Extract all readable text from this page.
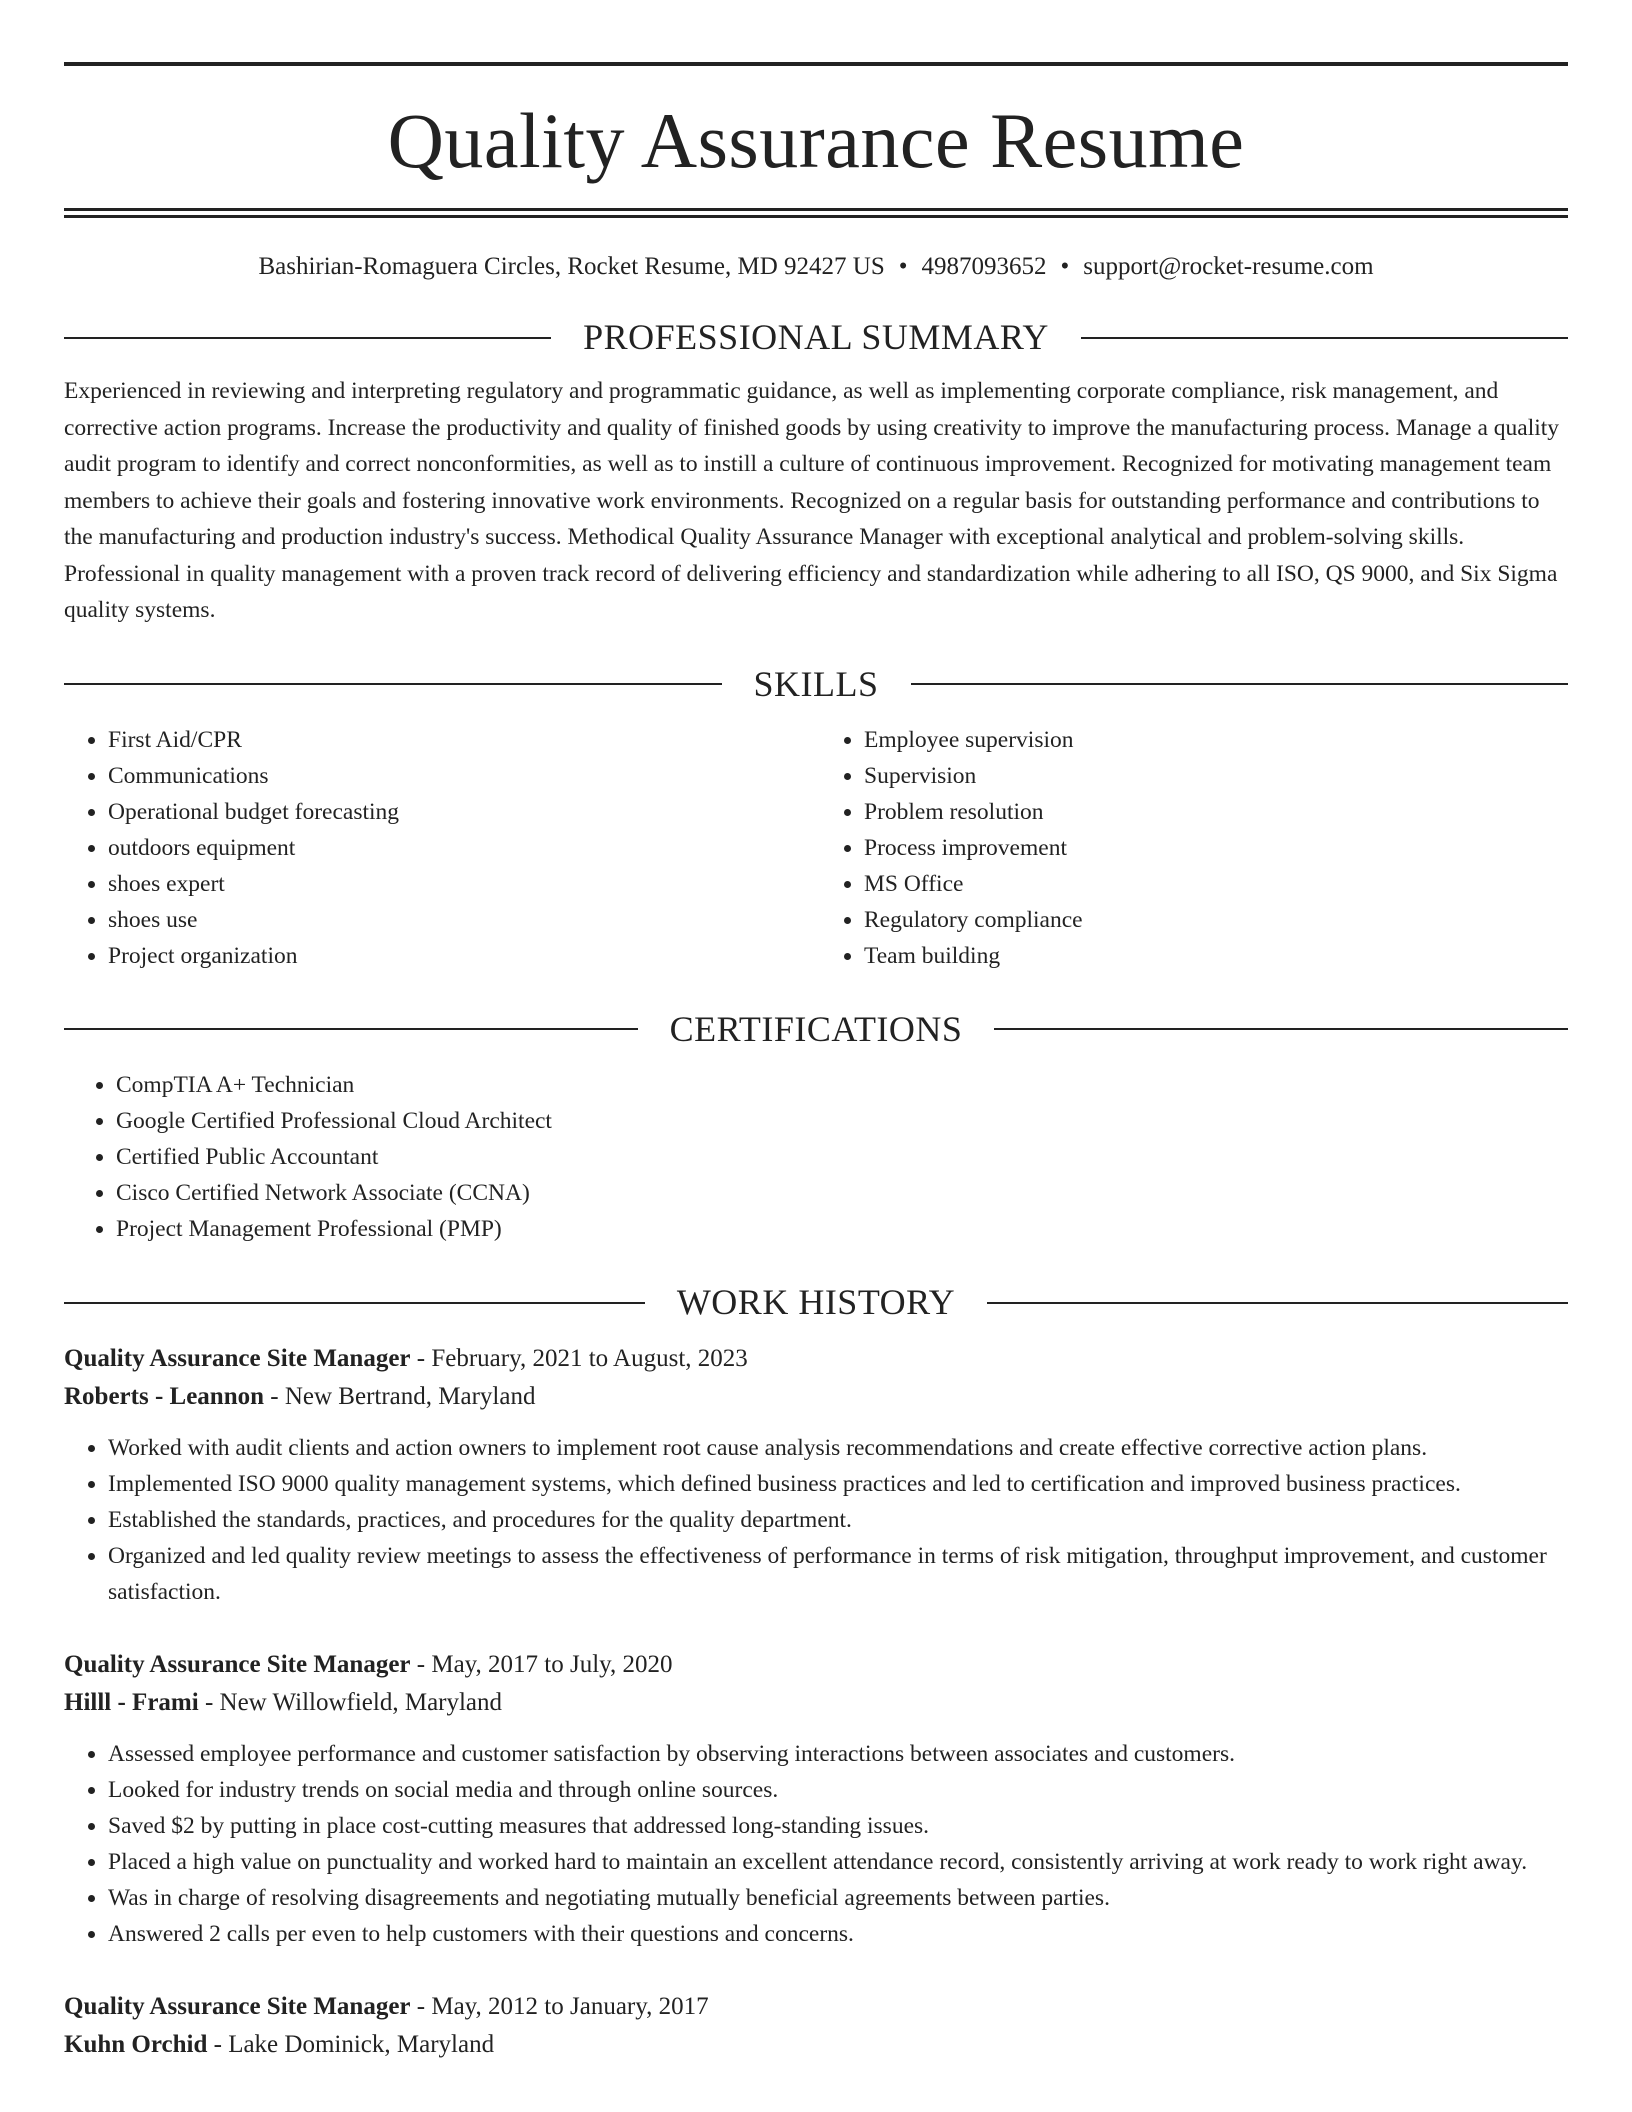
Quality Assurance Resume
Bashirian-Romaguera Circles, Rocket Resume, MD 92427 US • 4987093652 • support@rocket-resume.com
PROFESSIONAL SUMMARY

Experienced in reviewing and interpreting regulatory and programmatic guidance, as well as implementing corporate compliance, risk management, and corrective action programs. Increase the productivity and quality of finished goods by using creativity to improve the manufacturing process. Manage a quality audit program to identify and correct nonconformities, as well as to instill a culture of continuous improvement. Recognized for motivating management team members to achieve their goals and fostering innovative work environments. Recognized on a regular basis for outstanding performance and contributions to the manufacturing and production industry's success. Methodical Quality Assurance Manager with exceptional analytical and problem-solving skills. Professional in quality management with a proven track record of delivering efficiency and standardization while adhering to all ISO, QS 9000, and Six Sigma quality systems.

SKILLS
• First Aid/CPR
• Communications
• Operational budget forecasting
• outdoors equipment
• shoes expert
• shoes use
• Project organization
• Employee supervision
• Supervision
• Problem resolution
• Process improvement
• MS Office
• Regulatory compliance
• Team building
CERTIFICATIONS
• CompTIA A+ Technician
• Google Certified Professional Cloud Architect
• Certified Public Accountant
• Cisco Certified Network Associate (CCNA)
• Project Management Professional (PMP)
WORK HISTORY
Quality Assurance Site Manager - February, 2021 to August, 2023
Roberts - Leannon - New Bertrand, Maryland
• Worked with audit clients and action owners to implement root cause analysis recommendations and create effective corrective action plans.
• Implemented ISO 9000 quality management systems, which defined business practices and led to certification and improved business practices.
• Established the standards, practices, and procedures for the quality department.
• Organized and led quality review meetings to assess the effectiveness of performance in terms of risk mitigation, throughput improvement, and customer satisfaction.
Quality Assurance Site Manager - May, 2017 to July, 2020
Hilll - Frami - New Willowfield, Maryland
• Assessed employee performance and customer satisfaction by observing interactions between associates and customers.
• Looked for industry trends on social media and through online sources.
• Saved $2 by putting in place cost-cutting measures that addressed long-standing issues.
• Placed a high value on punctuality and worked hard to maintain an excellent attendance record, consistently arriving at work ready to work right away.
• Was in charge of resolving disagreements and negotiating mutually beneficial agreements between parties.
• Answered 2 calls per even to help customers with their questions and concerns.
Quality Assurance Site Manager - May, 2012 to January, 2017
Kuhn Orchid - Lake Dominick, Maryland
